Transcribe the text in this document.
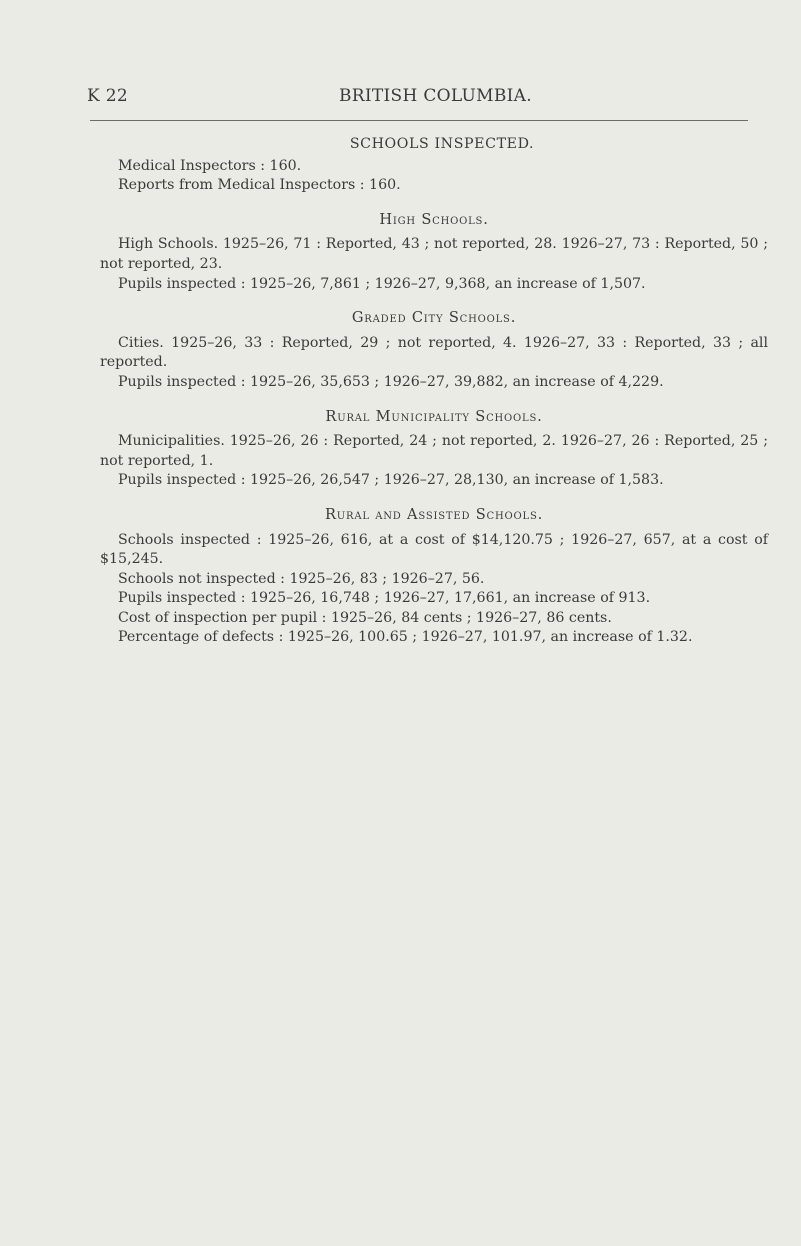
K 22	BRITISH COLUMBIA.
SCHOOLS INSPECTED.

Medical Inspectors : 160.

Reports from Medical Inspectors : 160.

High Schools.

High Schools. 1925–26, 71 : Reported, 43 ; not reported, 28. 1926–27, 73 : Reported, 50 ; not reported, 23.

Pupils inspected : 1925–26, 7,861 ; 1926–27, 9,368, an increase of 1,507.

Graded City Schools.

Cities. 1925–26, 33 : Reported, 29 ; not reported, 4. 1926–27, 33 : Reported, 33 ; all reported.

Pupils inspected : 1925–26, 35,653 ; 1926–27, 39,882, an increase of 4,229.

Rural Municipality Schools.

Municipalities. 1925–26, 26 : Reported, 24 ; not reported, 2. 1926–27, 26 : Reported, 25 ; not reported, 1.

Pupils inspected : 1925–26, 26,547 ; 1926–27, 28,130, an increase of 1,583.

Rural and Assisted Schools.

Schools inspected : 1925–26, 616, at a cost of $14,120.75 ; 1926–27, 657, at a cost of $15,245.

Schools not inspected : 1925–26, 83 ; 1926–27, 56.

Pupils inspected : 1925–26, 16,748 ; 1926–27, 17,661, an increase of 913.

Cost of inspection per pupil : 1925–26, 84 cents ; 1926–27, 86 cents.

Percentage of defects : 1925–26, 100.65 ; 1926–27, 101.97, an increase of 1.32.
